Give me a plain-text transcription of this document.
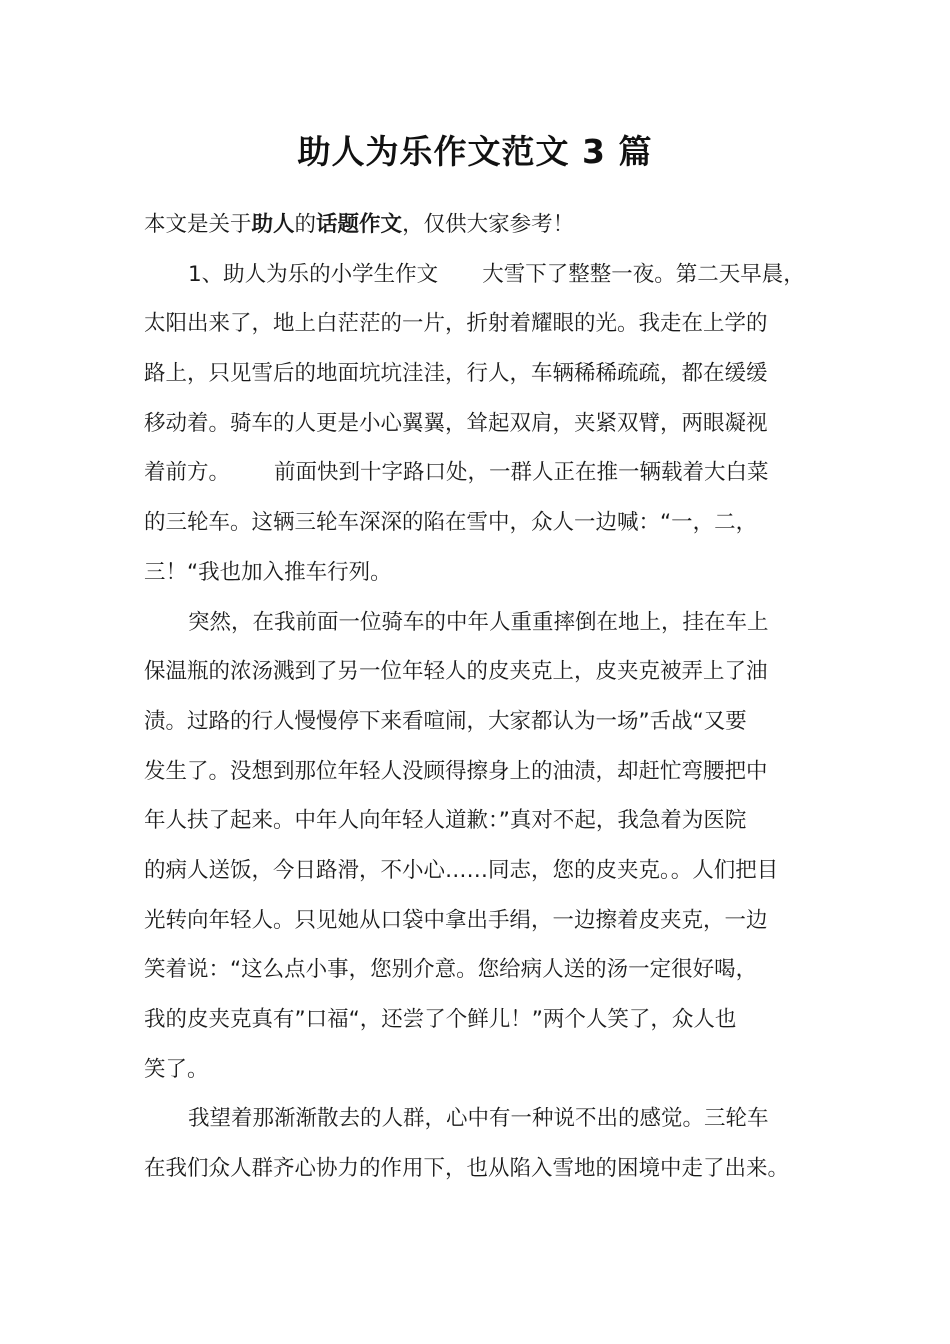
助人为乐作文范文 3 篇
本文是关于助人的话题作文，仅供大家参考！
1、助人为乐的小学生作文 大雪下了整整一夜。第二天早晨，
太阳出来了，地上白茫茫的一片，折射着耀眼的光。我走在上学的
路上，只见雪后的地面坑坑洼洼，行人，车辆稀稀疏疏，都在缓缓
移动着。骑车的人更是小心翼翼，耸起双肩，夹紧双臂，两眼凝视
着前方。 前面快到十字路口处，一群人正在推一辆载着大白菜
的三轮车。这辆三轮车深深的陷在雪中，众人一边喊：“一，二，
三！“我也加入推车行列。
突然，在我前面一位骑车的中年人重重摔倒在地上，挂在车上
保温瓶的浓汤溅到了另一位年轻人的皮夹克上，皮夹克被弄上了油
渍。过路的行人慢慢停下来看喧闹，大家都认为一场”舌战“又要
发生了。没想到那位年轻人没顾得擦身上的油渍，却赶忙弯腰把中
年人扶了起来。中年人向年轻人道歉：”真对不起，我急着为医院
的病人送饭，今日路滑，不小心……同志，您的皮夹克。。人们把目
光转向年轻人。只见她从口袋中拿出手绢，一边擦着皮夹克，一边
笑着说：“这么点小事，您别介意。您给病人送的汤一定很好喝，
我的皮夹克真有”口福“，还尝了个鲜儿！”两个人笑了，众人也
笑了。
我望着那渐渐散去的人群，心中有一种说不出的感觉。三轮车
在我们众人群齐心协力的作用下，也从陷入雪地的困境中走了出来。
